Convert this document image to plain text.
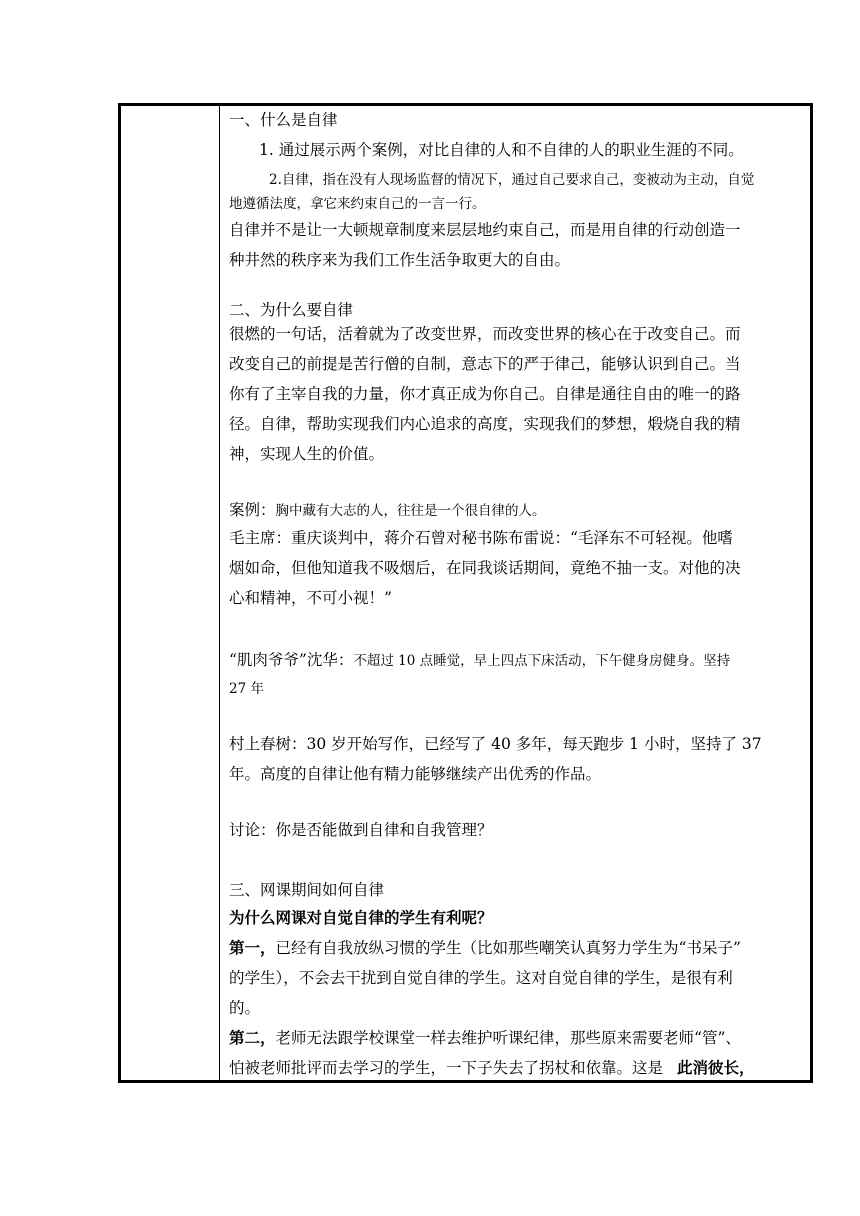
一、什么是自律
1. 通过展示两个案例，对比自律的人和不自律的人的职业生涯的不同。
2.自律，指在没有人现场监督的情况下，通过自己要求自己，变被动为主动，自觉
地遵循法度，拿它来约束自己的一言一行。
自律并不是让一大顿规章制度来层层地约束自己，而是用自律的行动创造一
种井然的秩序来为我们工作生活争取更大的自由。
二、为什么要自律
很燃的一句话，活着就为了改变世界，而改变世界的核心在于改变自己。而
改变自己的前提是苦行僧的自制，意志下的严于律己，能够认识到自己。当
你有了主宰自我的力量，你才真正成为你自己。自律是通往自由的唯一的路
径。自律，帮助实现我们内心追求的高度，实现我们的梦想，煅烧自我的精
神，实现人生的价值。
案例：胸中藏有大志的人，往往是一个很自律的人。
毛主席：重庆谈判中，蒋介石曾对秘书陈布雷说：“毛泽东不可轻视。他嗜
烟如命，但他知道我不吸烟后，在同我谈话期间，竟绝不抽一支。对他的决
心和精神，不可小视！”
“肌肉爷爷”沈华：不超过 10 点睡觉，早上四点下床活动，下午健身房健身。坚持
27 年
村上春树：30 岁开始写作，已经写了 40 多年，每天跑步 1 小时，坚持了 37
年。高度的自律让他有精力能够继续产出优秀的作品。
讨论：你是否能做到自律和自我管理？
三、网课期间如何自律
为什么网课对自觉自律的学生有利呢？
第一，已经有自我放纵习惯的学生（比如那些嘲笑认真努力学生为“书呆子”
的学生），不会去干扰到自觉自律的学生。这对自觉自律的学生，是很有利
的。
第二，老师无法跟学校课堂一样去维护听课纪律，那些原来需要老师“管”、
怕被老师批评而去学习的学生，一下子失去了拐杖和依靠。这是 此消彼长，
